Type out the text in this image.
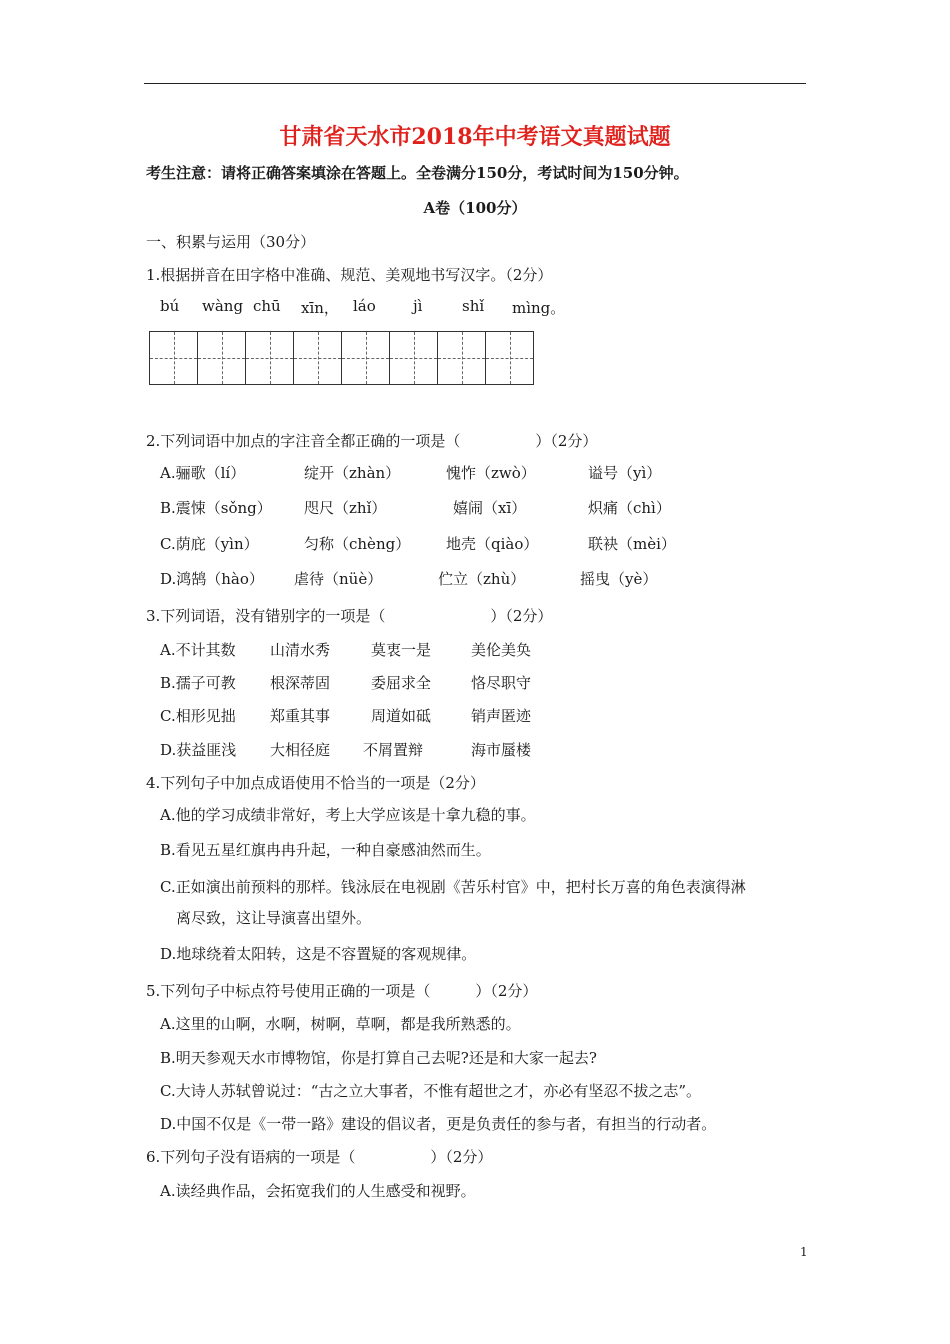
甘肃省天水市2018年中考语文真题试题
考生注意：请将正确答案填涂在答题上。全卷满分150分，考试时间为150分钟。
A卷（100分）
一、积累与运用（30分）
1.根据拼音在田字格中准确、规范、美观地书写汉字。（2分）
bú wàng chū xīn， láo jì	shǐ mìng。
2.下列词语中加点的字注音全都正确的一项是（　　　　　）（2分）
A.骊歌（lí）	绽开（zhàn）	愧怍（zwò）	谥号（yì）
B.震悚（sǒng） 咫尺（zhǐ）	嬉闹（xī）	炽痛（chì）
C.荫庇（yìn）	匀称（chèng） 地壳（qiào）	联袂（mèi）
D.鸿鹄（hào） 虐待（nüè）	伫立（zhù）	摇曳（yè）
3.下列词语，没有错别字的一项是（　　　　　　　）（2分）
A.不计其数 山清水秀	莫衷一是	美伦美奂
B.孺子可教 根深蒂固	委屈求全	恪尽职守
C.相形见拙 郑重其事	周道如砥	销声匿迹
D.获益匪浅 大相径庭 不屑置辩	海市蜃楼
4.下列句子中加点成语使用不恰当的一项是（2分）
A.他的学习成绩非常好，考上大学应该是十拿九稳的事。
B.看见五星红旗冉冉升起，一种自豪感油然而生。
C.正如演出前预料的那样。钱泳辰在电视剧《苦乐村官》中，把村长万喜的角色表演得淋
离尽致，这让导演喜出望外。
D.地球绕着太阳转，这是不容置疑的客观规律。
5.下列句子中标点符号使用正确的一项是（　　　）（2分）
A.这里的山啊，水啊，树啊，草啊，都是我所熟悉的。
B.明天参观天水市博物馆，你是打算自己去呢?还是和大家一起去?
C.大诗人苏轼曾说过：“古之立大事者，不惟有超世之才，亦必有坚忍不拔之志”。
D.中国不仅是《一带一路》建设的倡议者，更是负责任的参与者，有担当的行动者。
6.下列句子没有语病的一项是（　　　　　）（2分）
A.读经典作品，会拓宽我们的人生感受和视野。
1
